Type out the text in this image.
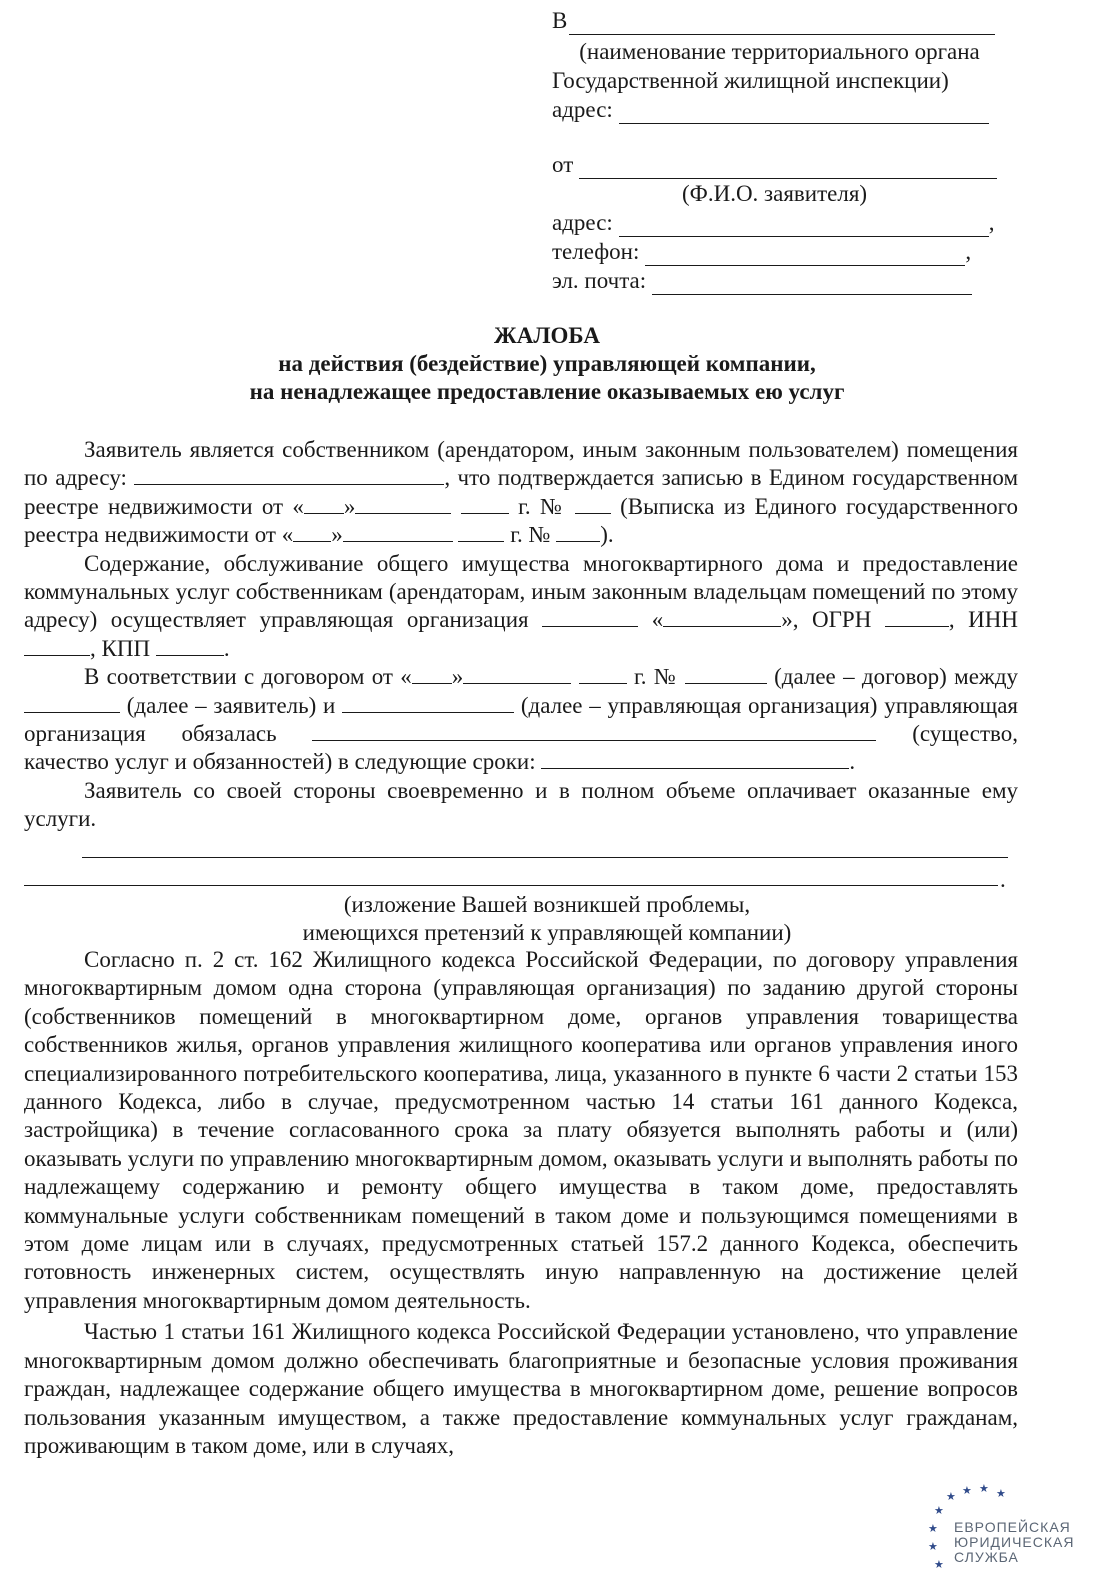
В
(наименование территориального органа
Государственной жилищной инспекции)
адрес:
от
(Ф.И.О. заявителя)
адрес:	,
телефон:	,
эл. почта:
ЖАЛОБА
на действия (бездействие) управляющей компании,
на ненадлежащее предоставление оказываемых ею услуг

Заявитель является собственником (арендатором, иным законным пользователем) помещения по адресу:	, что подтверждается записью в Едином государственном реестре недвижимости от « »	г. №  (Выписка из Единого государственного реестра недвижимости от « »	г. № ).

Содержание, обслуживание общего имущества многоквартирного дома и предоставление коммунальных услуг собственникам (арендаторам, иным законным владельцам помещений по этому адресу) осуществляет управляющая организация	«	», ОГРН	, ИНН , КПП	.

В соответствии с договором от « »	г. №	(далее – договор) между  (далее – заявитель) и	(далее – управляющая организация) управляющая организация обязалась	(существо, качество услуг и обязанностей) в следующие сроки:	.

Заявитель со своей стороны своевременно и в полном объеме оплачивает оказанные ему услуги.

.
(изложение Вашей возникшей проблемы,
имеющихся претензий к управляющей компании)

Согласно п. 2 ст. 162 Жилищного кодекса Российской Федерации, по договору управления многоквартирным домом одна сторона (управляющая организация) по заданию другой стороны (собственников помещений в многоквартирном доме, органов управления товарищества собственников жилья, органов управления жилищного кооператива или органов управления иного специализированного потребительского кооператива, лица, указанного в пункте 6 части 2 статьи 153 данного Кодекса, либо в случае, предусмотренном частью 14 статьи 161 данного Кодекса, застройщика) в течение согласованного срока за плату обязуется выполнять работы и (или) оказывать услуги по управлению многоквартирным домом, оказывать услуги и выполнять работы по надлежащему содержанию и ремонту общего имущества в таком доме, предоставлять коммунальные услуги собственникам помещений в таком доме и пользующимся помещениями в этом доме лицам или в случаях, предусмотренных статьей 157.2 данного Кодекса, обеспечить готовность инженерных систем, осуществлять иную направленную на достижение целей управления многоквартирным домом деятельность.

Частью 1 статьи 161 Жилищного кодекса Российской Федерации установлено, что управление многоквартирным домом должно обеспечивать благоприятные и безопасные условия проживания граждан, надлежащее содержание общего имущества в многоквартирном доме, решение вопросов пользования указанным имуществом, а также предоставление коммунальных услуг гражданам, проживающим в таком доме, или в случаях,

★ ★ ★ ★
★
★
★
★
ЕВРОПЕЙСКАЯ
ЮРИДИЧЕСКАЯ
СЛУЖБА
